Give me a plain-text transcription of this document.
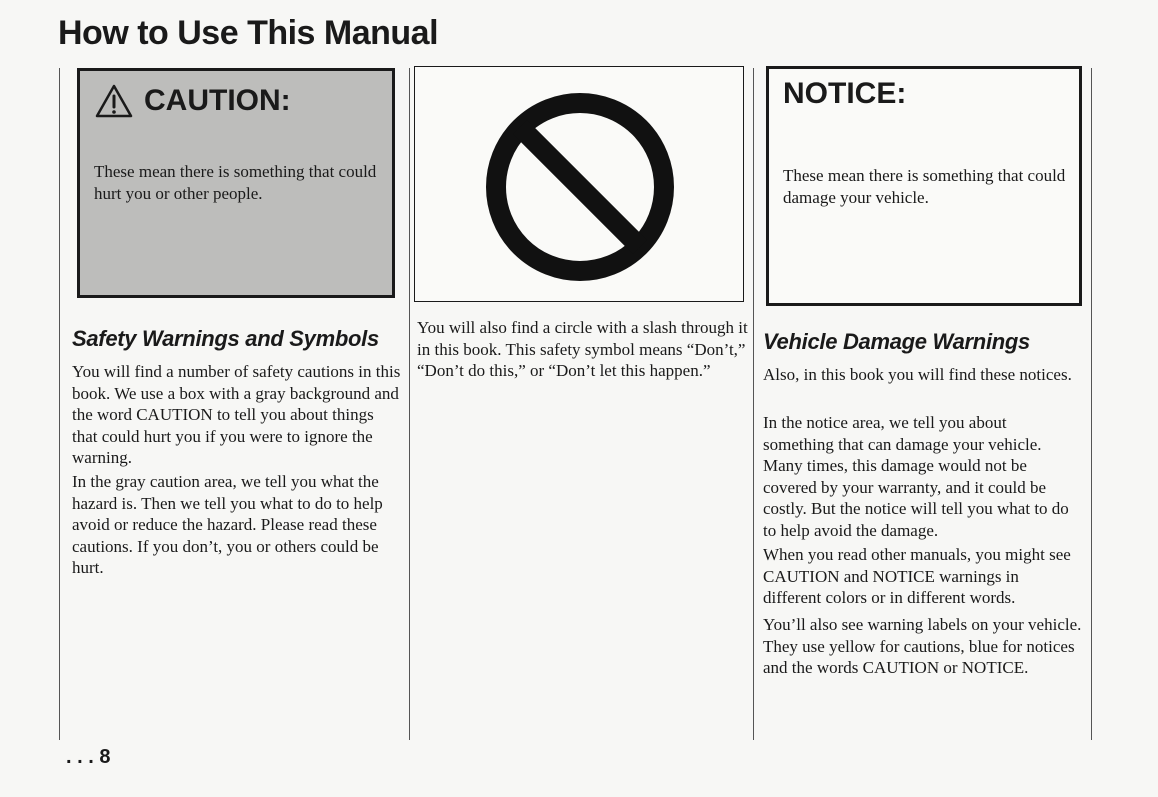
How to Use This Manual
CAUTION:
These mean there is something that could hurt you or other people.
NOTICE:
These mean there is something that could damage your vehicle.
Safety Warnings and Symbols

You will find a number of safety cautions in this book. We use a box with a gray background and the word CAUTION to tell you about things that could hurt you if you were to ignore the warning.

In the gray caution area, we tell you what the hazard is. Then we tell you what to do to help avoid or reduce the hazard. Please read these cautions. If you don’t, you or others could be hurt.

You will also find a circle with a slash through it in this book. This safety symbol means “Don’t,” “Don’t do this,” or “Don’t let this happen.”

Vehicle Damage Warnings

Also, in this book you will find these notices.

In the notice area, we tell you about something that can damage your vehicle. Many times, this damage would not be covered by your warranty, and it could be costly. But the notice will tell you what to do to help avoid the damage.

When you read other manuals, you might see CAUTION and NOTICE warnings in different colors or in different words.

You’ll also see warning labels on your vehicle. They use yellow for cautions, blue for notices and the words CAUTION or NOTICE.

. . . 8
